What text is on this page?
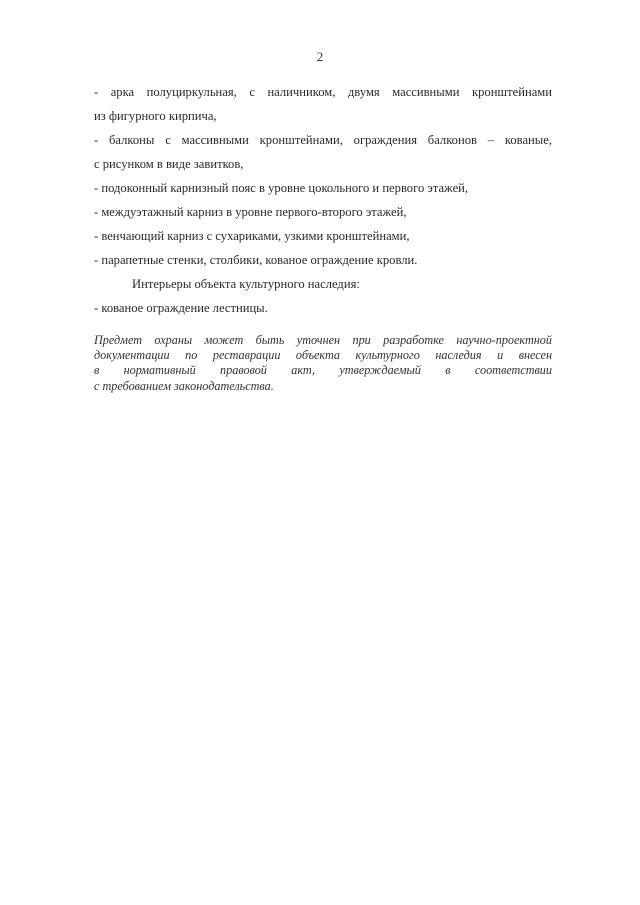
2

- арка полуциркульная, с наличником, двумя массивными кронштейнами

из фигурного кирпича,

- балконы с массивными кронштейнами, ограждения балконов – кованые,

с рисунком в виде завитков,

- подоконный карнизный пояс в уровне цокольного и первого этажей,

- междуэтажный карниз в уровне первого-второго этажей,

- венчающий карниз с сухариками, узкими кронштейнами,

- парапетные стенки, столбики, кованое ограждение кровли.

Интерьеры объекта культурного наследия:

- кованое ограждение лестницы.

Предмет охраны может быть уточнен при разработке научно-проектной
документации по реставрации объекта культурного наследия и внесен
в нормативный правовой акт, утверждаемый в соответствии
с требованием законодательства.
